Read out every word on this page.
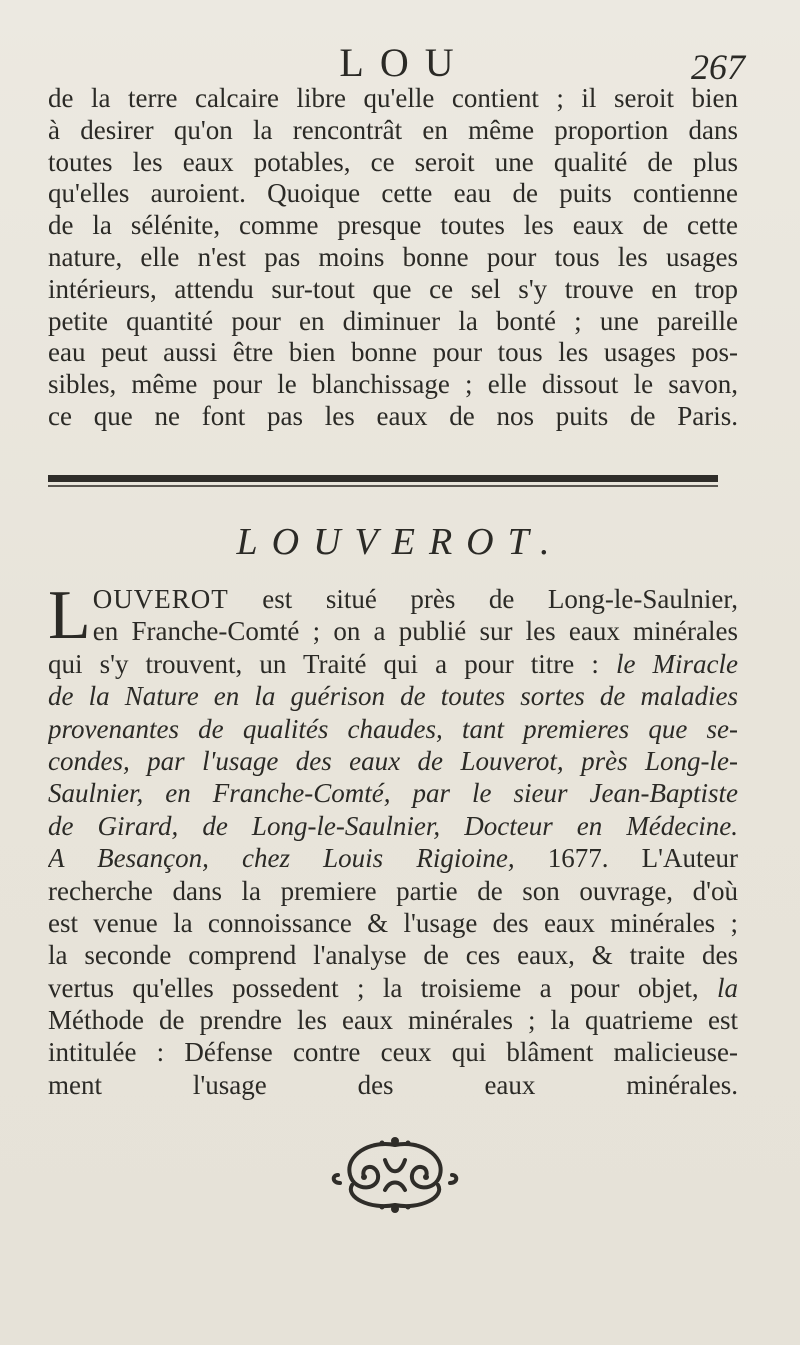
LOU	267
de la terre calcaire libre qu'elle contient ; il seroit bien
à desirer qu'on la rencontrât en même proportion dans
toutes les eaux potables, ce seroit une qualité de plus
qu'elles auroient. Quoique cette eau de puits contienne
de la sélénite, comme presque toutes les eaux de cette
nature, elle n'est pas moins bonne pour tous les usages
intérieurs, attendu sur-tout que ce sel s'y trouve en trop
petite quantité pour en diminuer la bonté ; une pareille
eau peut aussi être bien bonne pour tous les usages pos-
sibles, même pour le blanchissage ; elle dissout le savon,
ce que ne font pas les eaux de nos puits de Paris.
LOUVEROT.
L OUVEROT est situé près de Long-le-Saulnier,
en Franche-Comté ; on a publié sur les eaux minérales
qui s'y trouvent, un Traité qui a pour titre : le Miracle
de la Nature en la guérison de toutes sortes de maladies
provenantes de qualités chaudes, tant premieres que se-
condes, par l'usage des eaux de Louverot, près Long-le-
Saulnier, en Franche-Comté, par le sieur Jean-Baptiste
de Girard, de Long-le-Saulnier, Docteur en Médecine.
A Besançon, chez Louis Rigioine, 1677. L'Auteur
recherche dans la premiere partie de son ouvrage, d'où
est venue la connoissance & l'usage des eaux minérales ;
la seconde comprend l'analyse de ces eaux, & traite des
vertus qu'elles possedent ; la troisieme a pour objet, la
Méthode de prendre les eaux minérales ; la quatrieme est
intitulée : Défense contre ceux qui blâment malicieuse-
ment l'usage des eaux minérales.
